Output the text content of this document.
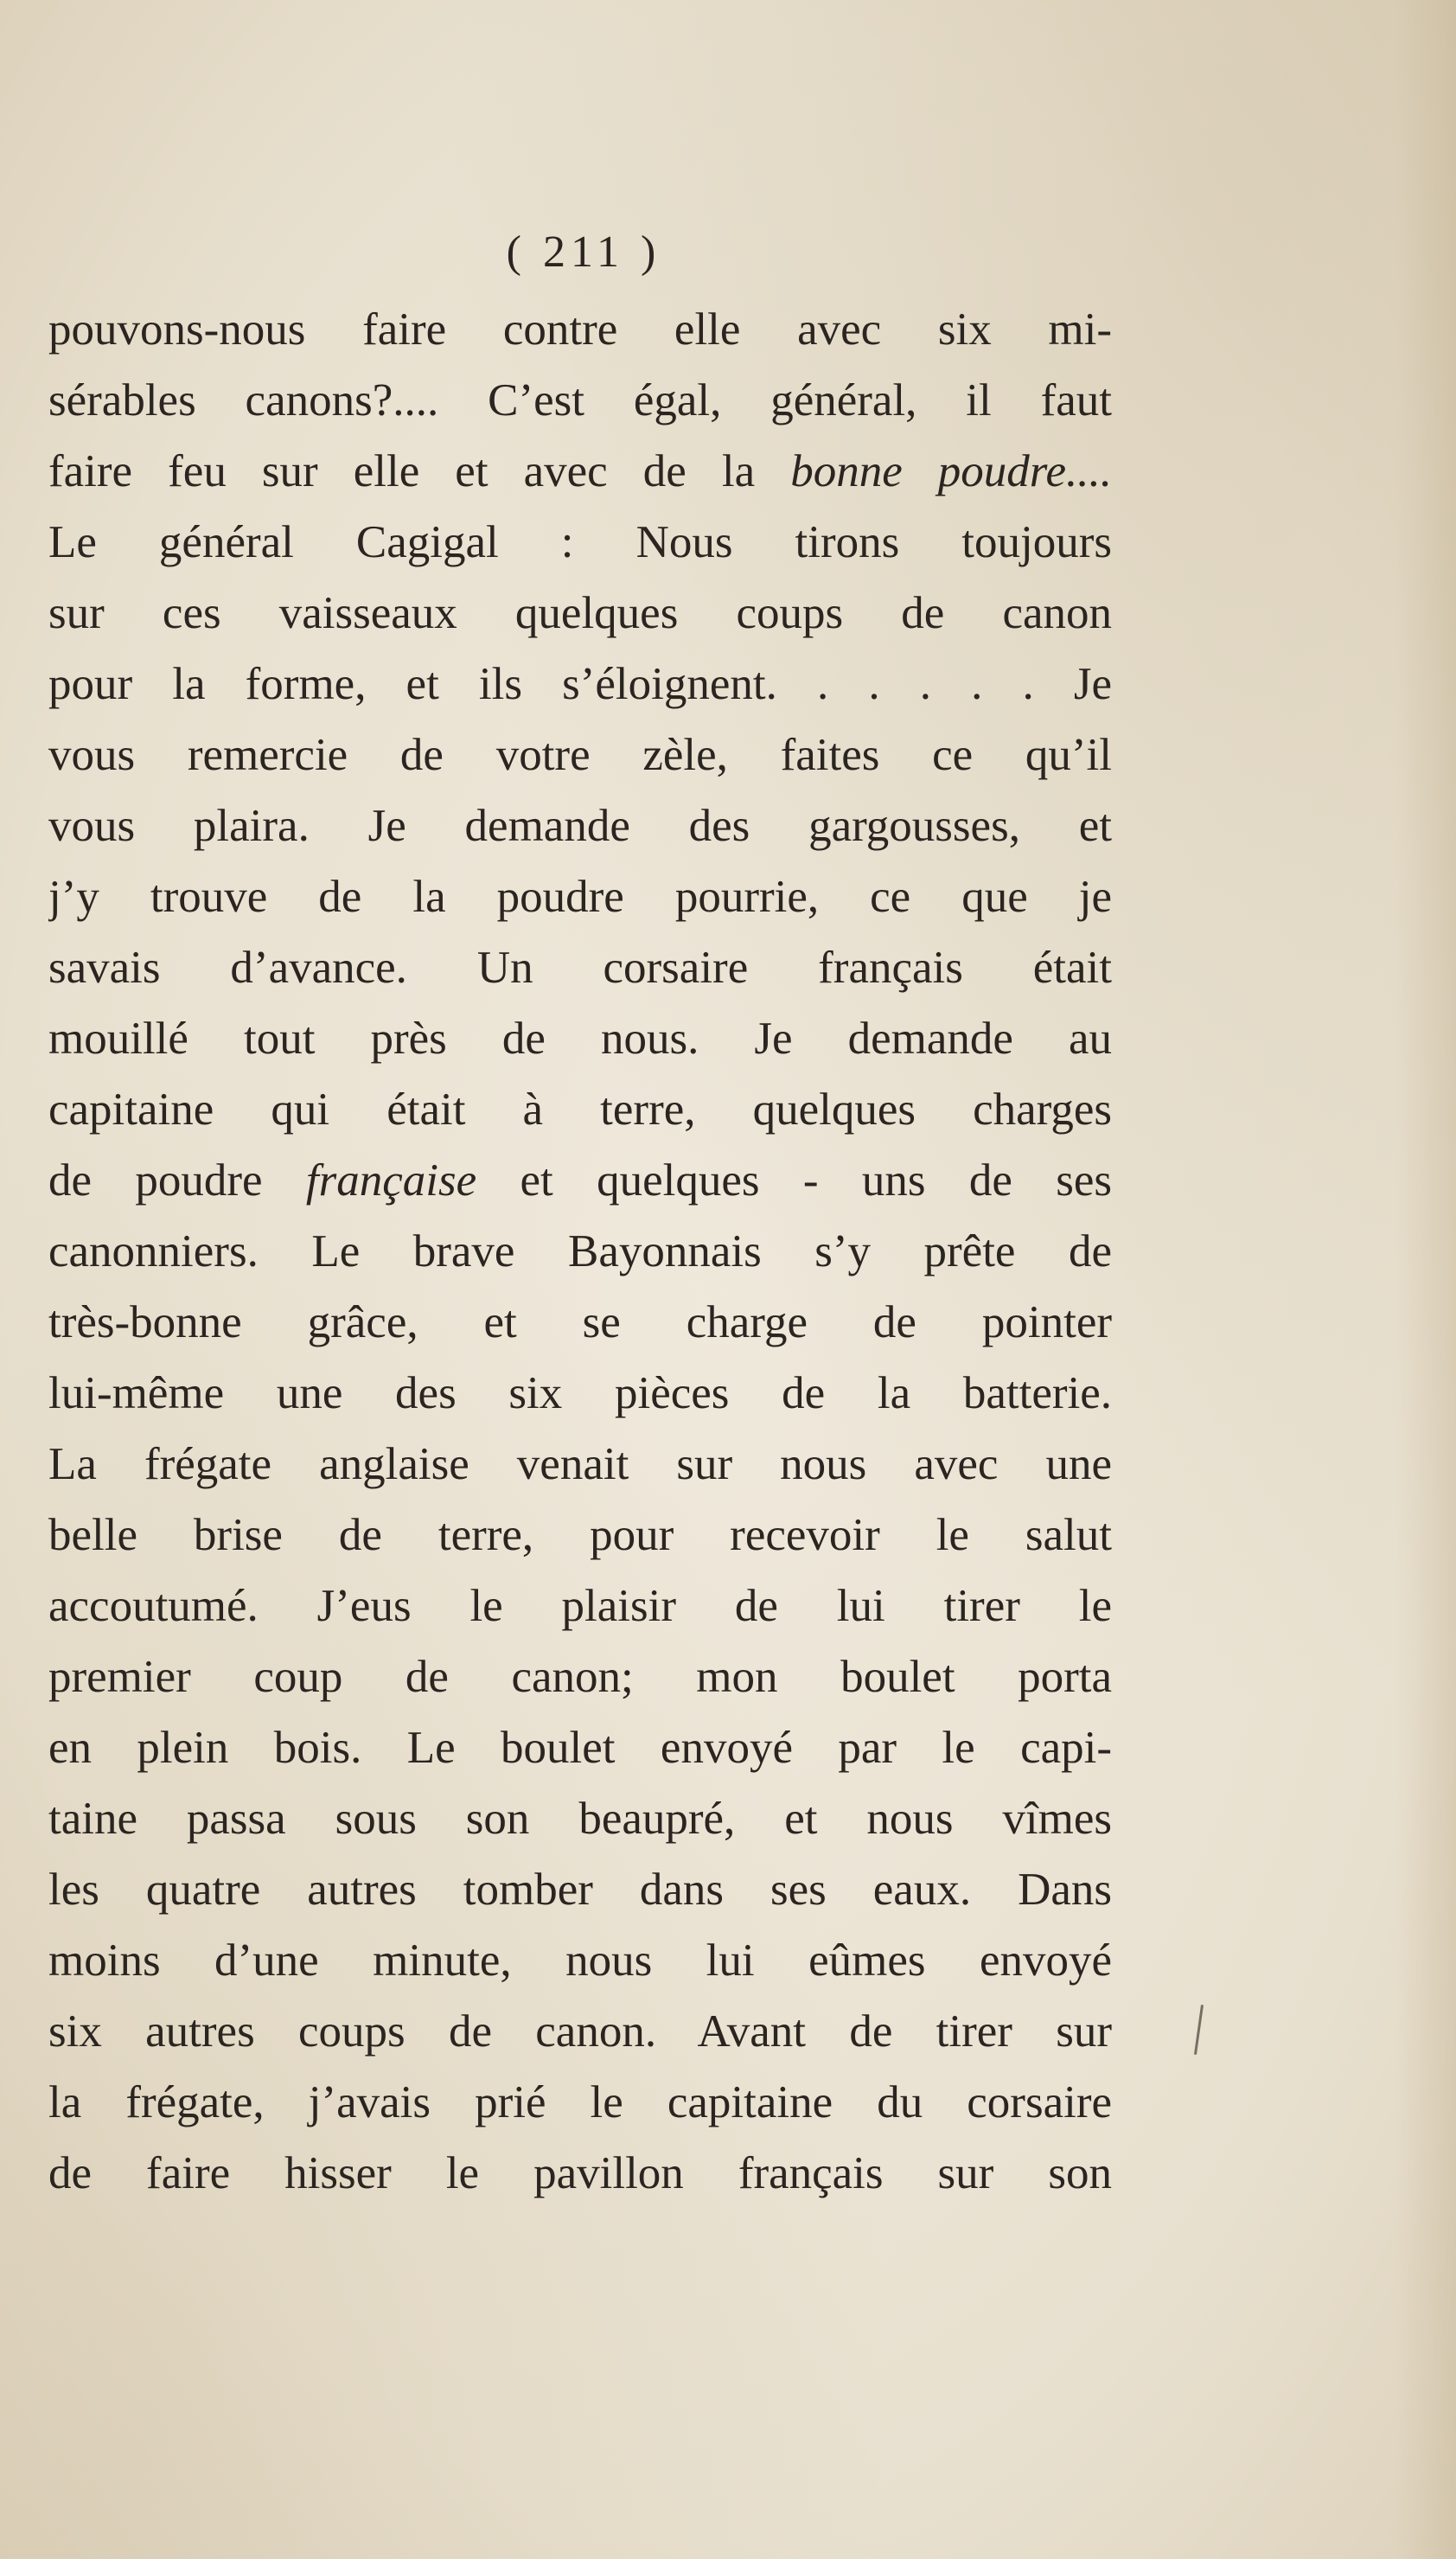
( 211 )
pouvons-nous faire contre elle avec six mi-
sérables canons?.... C’est égal, général, il faut
faire feu sur elle et avec de la bonne poudre....
Le général Cagigal : Nous tirons toujours
sur ces vaisseaux quelques coups de canon
pour la forme, et ils s’éloignent. . . . . . Je
vous remercie de votre zèle, faites ce qu’il
vous plaira. Je demande des gargousses, et
j’y trouve de la poudre pourrie, ce que je
savais d’avance. Un corsaire français était
mouillé tout près de nous. Je demande au
capitaine qui était à terre, quelques charges
de poudre française et quelques - uns de ses
canonniers. Le brave Bayonnais s’y prête de
très-bonne grâce, et se charge de pointer
lui-même une des six pièces de la batterie.
La frégate anglaise venait sur nous avec une
belle brise de terre, pour recevoir le salut
accoutumé. J’eus le plaisir de lui tirer le
premier coup de canon; mon boulet porta
en plein bois. Le boulet envoyé par le capi-
taine passa sous son beaupré, et nous vîmes
les quatre autres tomber dans ses eaux. Dans
moins d’une minute, nous lui eûmes envoyé
six autres coups de canon. Avant de tirer sur
la frégate, j’avais prié le capitaine du corsaire
de faire hisser le pavillon français sur son
